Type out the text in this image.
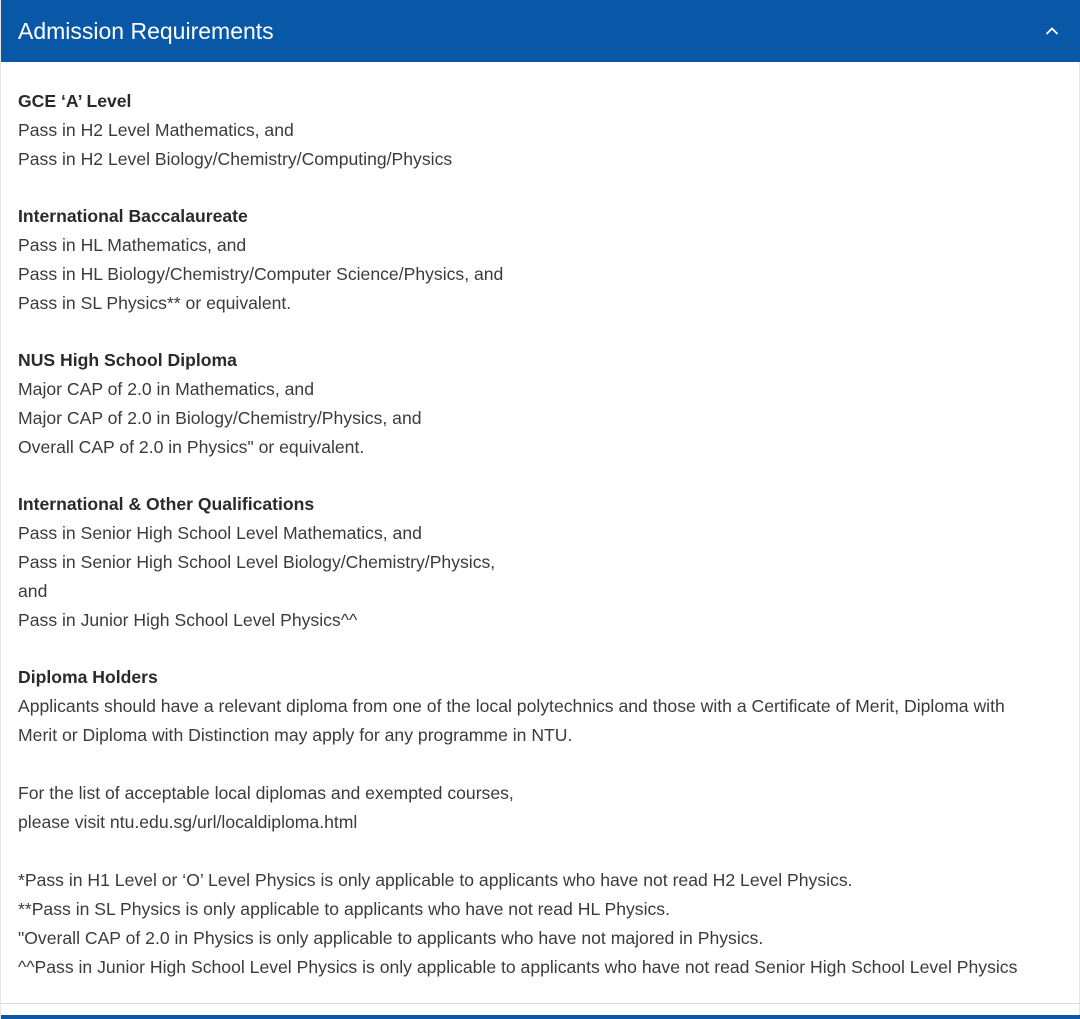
Admission Requirements
GCE ‘A’ Level
Pass in H2 Level Mathematics, and
Pass in H2 Level Biology/Chemistry/Computing/Physics
International Baccalaureate
Pass in HL Mathematics, and
Pass in HL Biology/Chemistry/Computer Science/Physics, and
Pass in SL Physics** or equivalent.
NUS High School Diploma
Major CAP of 2.0 in Mathematics, and
Major CAP of 2.0 in Biology/Chemistry/Physics, and
Overall CAP of 2.0 in Physics" or equivalent.
International & Other Qualifications
Pass in Senior High School Level Mathematics, and
Pass in Senior High School Level Biology/Chemistry/Physics,
and
Pass in Junior High School Level Physics^^
Diploma Holders
Applicants should have a relevant diploma from one of the local polytechnics and those with a Certificate of Merit, Diploma with
Merit or Diploma with Distinction may apply for any programme in NTU.
For the list of acceptable local diplomas and exempted courses,
please visit ntu.edu.sg/url/localdiploma.html
*Pass in H1 Level or ‘O’ Level Physics is only applicable to applicants who have not read H2 Level Physics.
**Pass in SL Physics is only applicable to applicants who have not read HL Physics.
"Overall CAP of 2.0 in Physics is only applicable to applicants who have not majored in Physics.
^^Pass in Junior High School Level Physics is only applicable to applicants who have not read Senior High School Level Physics
